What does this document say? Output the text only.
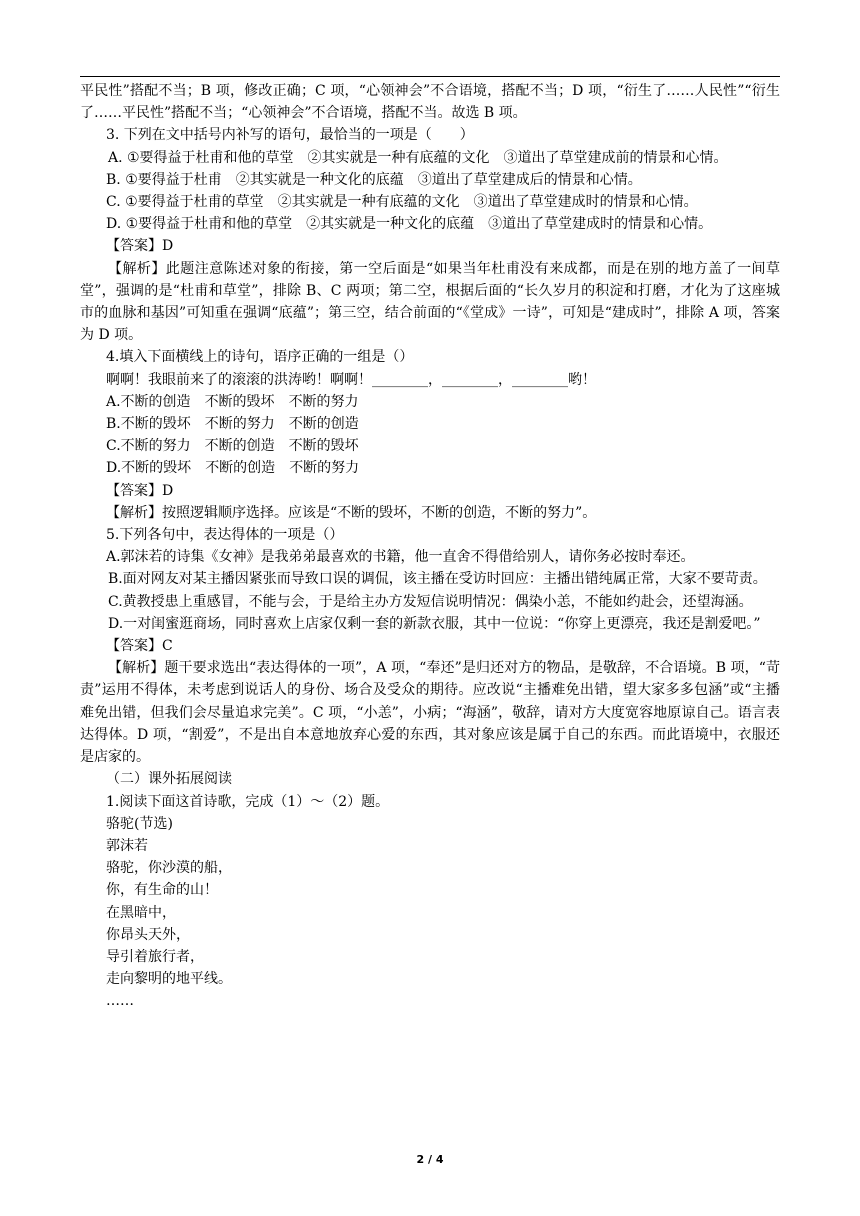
平民性”搭配不当；B 项，修改正确；C 项，“心领神会”不合语境，搭配不当；D 项，“衍生了……人民性”“衍生了……平民性”搭配不当；“心领神会”不合语境，搭配不当。故选 B 项。

3. 下列在文中括号内补写的语句，最恰当的一项是（　　）

A. ①要得益于杜甫和他的草堂　②其实就是一种有底蕴的文化　③道出了草堂建成前的情景和心情。

B. ①要得益于杜甫　②其实就是一种文化的底蕴　③道出了草堂建成后的情景和心情。

C. ①要得益于杜甫的草堂　②其实就是一种有底蕴的文化　③道出了草堂建成时的情景和心情。

D. ①要得益于杜甫和他的草堂　②其实就是一种文化的底蕴　③道出了草堂建成时的情景和心情。

【答案】D

【解析】此题注意陈述对象的衔接，第一空后面是“如果当年杜甫没有来成都，而是在别的地方盖了一间草堂”，强调的是“杜甫和草堂”，排除 B、C 两项；第二空，根据后面的“长久岁月的积淀和打磨，才化为了这座城市的血脉和基因”可知重在强调“底蕴”；第三空，结合前面的“《堂成》一诗”，可知是“建成时”，排除 A 项，答案为 D 项。

4.填入下面横线上的诗句，语序正确的一组是（）

啊啊！我眼前来了的滚滚的洪涛哟！啊啊！________，________，________哟！

A.不断的创造 不断的毁坏 不断的努力

B.不断的毁坏 不断的努力 不断的创造

C.不断的努力 不断的创造 不断的毁坏

D.不断的毁坏 不断的创造 不断的努力

【答案】D

【解析】按照逻辑顺序选择。应该是“不断的毁坏，不断的创造，不断的努力”。

5.下列各句中，表达得体的一项是（）

A.郭沫若的诗集《女神》是我弟弟最喜欢的书籍，他一直舍不得借给别人，请你务必按时奉还。

B.面对网友对某主播因紧张而导致口误的调侃，该主播在受访时回应：主播出错纯属正常，大家不要苛责。

C.黄教授患上重感冒，不能与会，于是给主办方发短信说明情况：偶染小恙，不能如约赴会，还望海涵。

D.一对闺蜜逛商场，同时喜欢上店家仅剩一套的新款衣服，其中一位说：“你穿上更漂亮，我还是割爱吧。”

【答案】C

【解析】题干要求选出“表达得体的一项”，A 项，“奉还”是归还对方的物品，是敬辞，不合语境。B 项，“苛责”运用不得体，未考虑到说话人的身份、场合及受众的期待。应改说“主播难免出错，望大家多多包涵”或“主播难免出错，但我们会尽量追求完美”。C 项，“小恙”，小病；“海涵”，敬辞，请对方大度宽容地原谅自己。语言表达得体。D 项，“割爱”，不是出自本意地放弃心爱的东西，其对象应该是属于自己的东西。而此语境中，衣服还是店家的。

（二）课外拓展阅读

1.阅读下面这首诗歌，完成（1）～（2）题。

骆驼(节选)

郭沫若

骆驼，你沙漠的船，

你，有生命的山！

在黑暗中，

你昂头天外，

导引着旅行者，

走向黎明的地平线。

……

2 / 4
